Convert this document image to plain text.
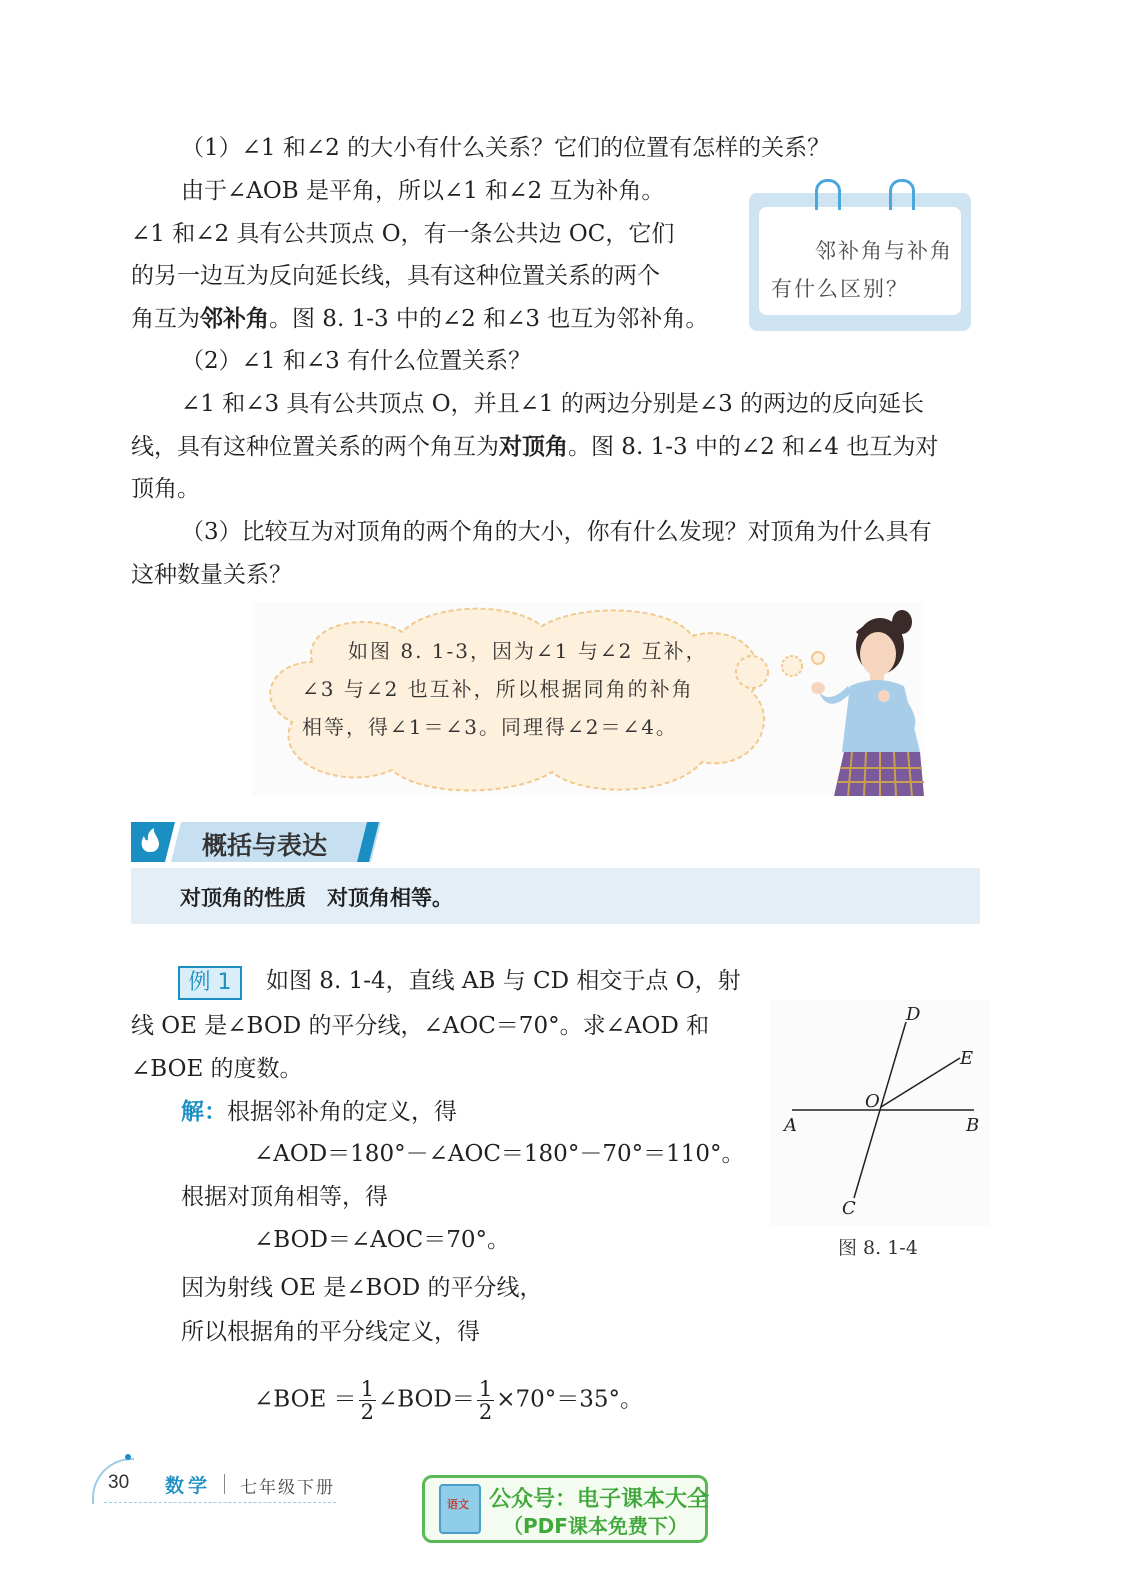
（1）∠1 和∠2 的大小有什么关系？它们的位置有怎样的关系？
由于∠AOB 是平角，所以∠1 和∠2 互为补角。
∠1 和∠2 具有公共顶点 O，有一条公共边 OC，它们
的另一边互为反向延长线，具有这种位置关系的两个
角互为邻补角。图 8. 1-3 中的∠2 和∠3 也互为邻补角。
邻补角与补角
有什么区别？
（2）∠1 和∠3 有什么位置关系？
∠1 和∠3 具有公共顶点 O，并且∠1 的两边分别是∠3 的两边的反向延长
线，具有这种位置关系的两个角互为对顶角。图 8. 1-3 中的∠2 和∠4 也互为对
顶角。
（3）比较互为对顶角的两个角的大小，你有什么发现？对顶角为什么具有
这种数量关系？
如图 8. 1-3，因为∠1 与∠2 互补，
∠3 与∠2 也互补，所以根据同角的补角
相等，得∠1＝∠3。同理得∠2＝∠4。
概括与表达
对顶角的性质　对顶角相等。
例 1	如图 8. 1-4，直线 AB 与 CD 相交于点 O，射
线 OE 是∠BOD 的平分线，∠AOC＝70°。求∠AOD 和
∠BOE 的度数。
解：根据邻补角的定义，得
∠AOD＝180°－∠AOC＝180°－70°＝110°。
根据对顶角相等，得
∠BOD＝∠AOC＝70°。
因为射线 OE 是∠BOD 的平分线，
所以根据角的平分线定义，得
∠BOE ＝ $\frac{1}{2}$ ∠BOD＝ $\frac{1}{2} \times 70^\circ=35^\circ$。
D
E
O
A	B
C
图 8. 1-4
30 数学 七年级下册
语文 公众号：电子课本大全
（PDF课本免费下）
